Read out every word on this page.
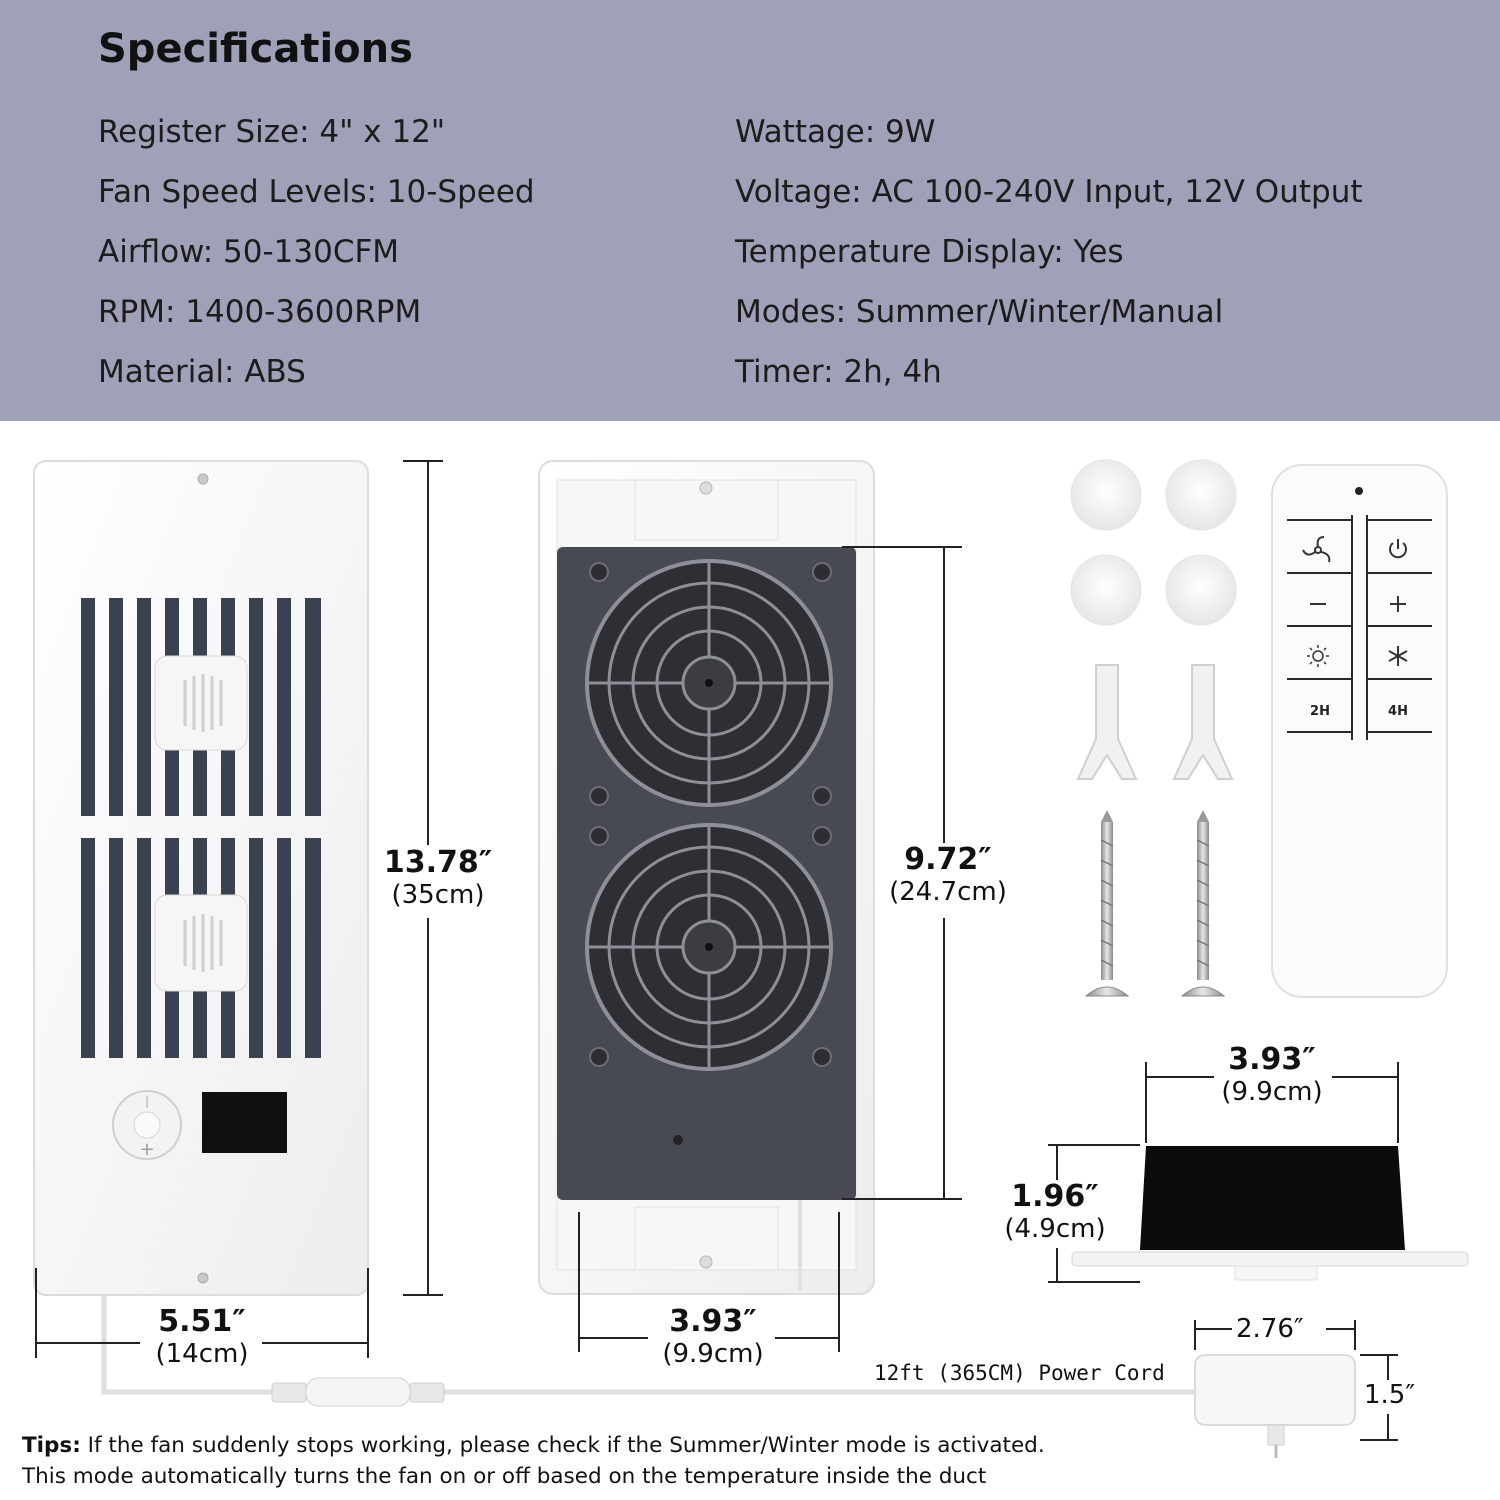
Specifications
Register Size: 4" x 12"
Fan Speed Levels: 10-Speed
Airflow: 50-130CFM
RPM: 1400-3600RPM
Material: ABS
Wattage: 9W
Voltage: AC 100-240V Input, 12V Output
Temperature Display: Yes
Modes: Summer/Winter/Manual
Timer: 2h, 4h
|
+
2H	4H
13.78″
(35cm)
5.51″
(14cm)
9.72″
(24.7cm)
3.93″
(9.9cm)
3.93″
(9.9cm)
1.96″
(4.9cm)
2.76″
1.5″
12ft (365CM) Power Cord
Tips: If the fan suddenly stops working, please check if the Summer/Winter mode is activated.
This mode automatically turns the fan on or off based on the temperature inside the duct
